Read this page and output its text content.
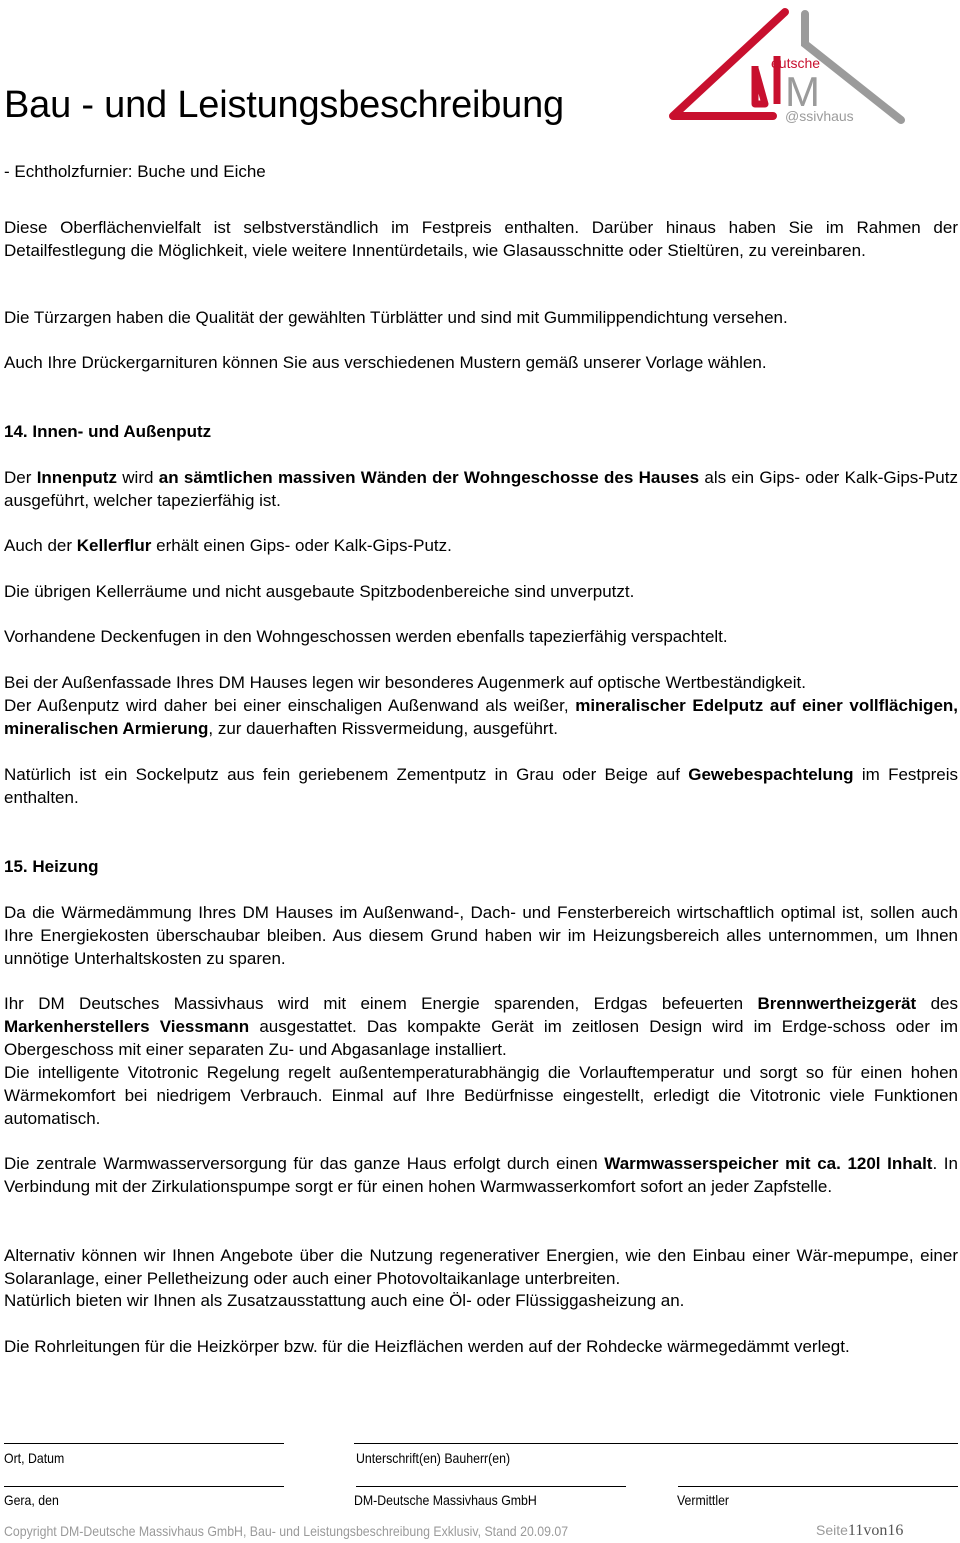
Bau - und Leistungsbeschreibung
eutsche
M
@ssivhaus

- Echtholzfurnier: Buche und Eiche

Diese Oberflächenvielfalt ist selbstverständlich im Festpreis enthalten. Darüber hinaus haben Sie im Rahmen der Detailfestlegung die Möglichkeit, viele weitere Innentürdetails, wie Glasausschnitte oder Stieltüren, zu vereinbaren.

Die Türzargen haben die Qualität der gewählten Türblätter und sind mit Gummilippendichtung versehen.

Auch Ihre Drückergarnituren können Sie aus verschiedenen Mustern gemäß unserer Vorlage wählen.

14. Innen- und Außenputz

Der Innenputz wird an sämtlichen massiven Wänden der Wohngeschosse des Hauses als ein Gips- oder Kalk-Gips-Putz ausgeführt, welcher tapezierfähig ist.

Auch der Kellerflur erhält einen Gips- oder Kalk-Gips-Putz.

Die übrigen Kellerräume und nicht ausgebaute Spitzbodenbereiche sind unverputzt.

Vorhandene Deckenfugen in den Wohngeschossen werden ebenfalls tapezierfähig verspachtelt.

Bei der Außenfassade Ihres DM Hauses legen wir besonderes Augenmerk auf optische Wertbeständigkeit.

Der Außenputz wird daher bei einer einschaligen Außenwand als weißer, mineralischer Edelputz auf einer vollflächigen, mineralischen Armierung, zur dauerhaften Rissvermeidung, ausgeführt.

Natürlich ist ein Sockelputz aus fein geriebenem Zementputz in Grau oder Beige auf Gewebespachtelung im Festpreis enthalten.

15. Heizung

Da die Wärmedämmung Ihres DM Hauses im Außenwand-, Dach- und Fensterbereich wirtschaftlich optimal ist, sollen auch Ihre Energiekosten überschaubar bleiben. Aus diesem Grund haben wir im Heizungsbereich alles unternommen, um Ihnen unnötige Unterhaltskosten zu sparen.

Ihr DM Deutsches Massivhaus wird mit einem Energie sparenden, Erdgas befeuerten Brennwertheizgerät des Markenherstellers Viessmann ausgestattet. Das kompakte Gerät im zeitlosen Design wird im Erdge-schoss oder im Obergeschoss mit einer separaten Zu- und Abgasanlage installiert.

Die intelligente Vitotronic Regelung regelt außentemperaturabhängig die Vorlauftemperatur und sorgt so für einen hohen Wärmekomfort bei niedrigem Verbrauch. Einmal auf Ihre Bedürfnisse eingestellt, erledigt die Vitotronic viele Funktionen automatisch.

Die zentrale Warmwasserversorgung für das ganze Haus erfolgt durch einen Warmwasserspeicher mit ca. 120l Inhalt. In Verbindung mit der Zirkulationspumpe sorgt er für einen hohen Warmwasserkomfort sofort an jeder Zapfstelle.

Alternativ können wir Ihnen Angebote über die Nutzung regenerativer Energien, wie den Einbau einer Wär-mepumpe, einer Solaranlage, einer Pelletheizung oder auch einer Photovoltaikanlage unterbreiten.

Natürlich bieten wir Ihnen als Zusatzausstattung auch eine Öl- oder Flüssiggasheizung an.

Die Rohrleitungen für die Heizkörper bzw. für die Heizflächen werden auf der Rohdecke wärmegedämmt verlegt.

Ort, Datum	Unterschrift(en) Bauherr(en)
Gera, den	DM-Deutsche Massivhaus GmbH	Vermittler
Copyright DM-Deutsche Massivhaus GmbH, Bau- und Leistungsbeschreibung Exklusiv, Stand 20.09.07	Seite11von16
